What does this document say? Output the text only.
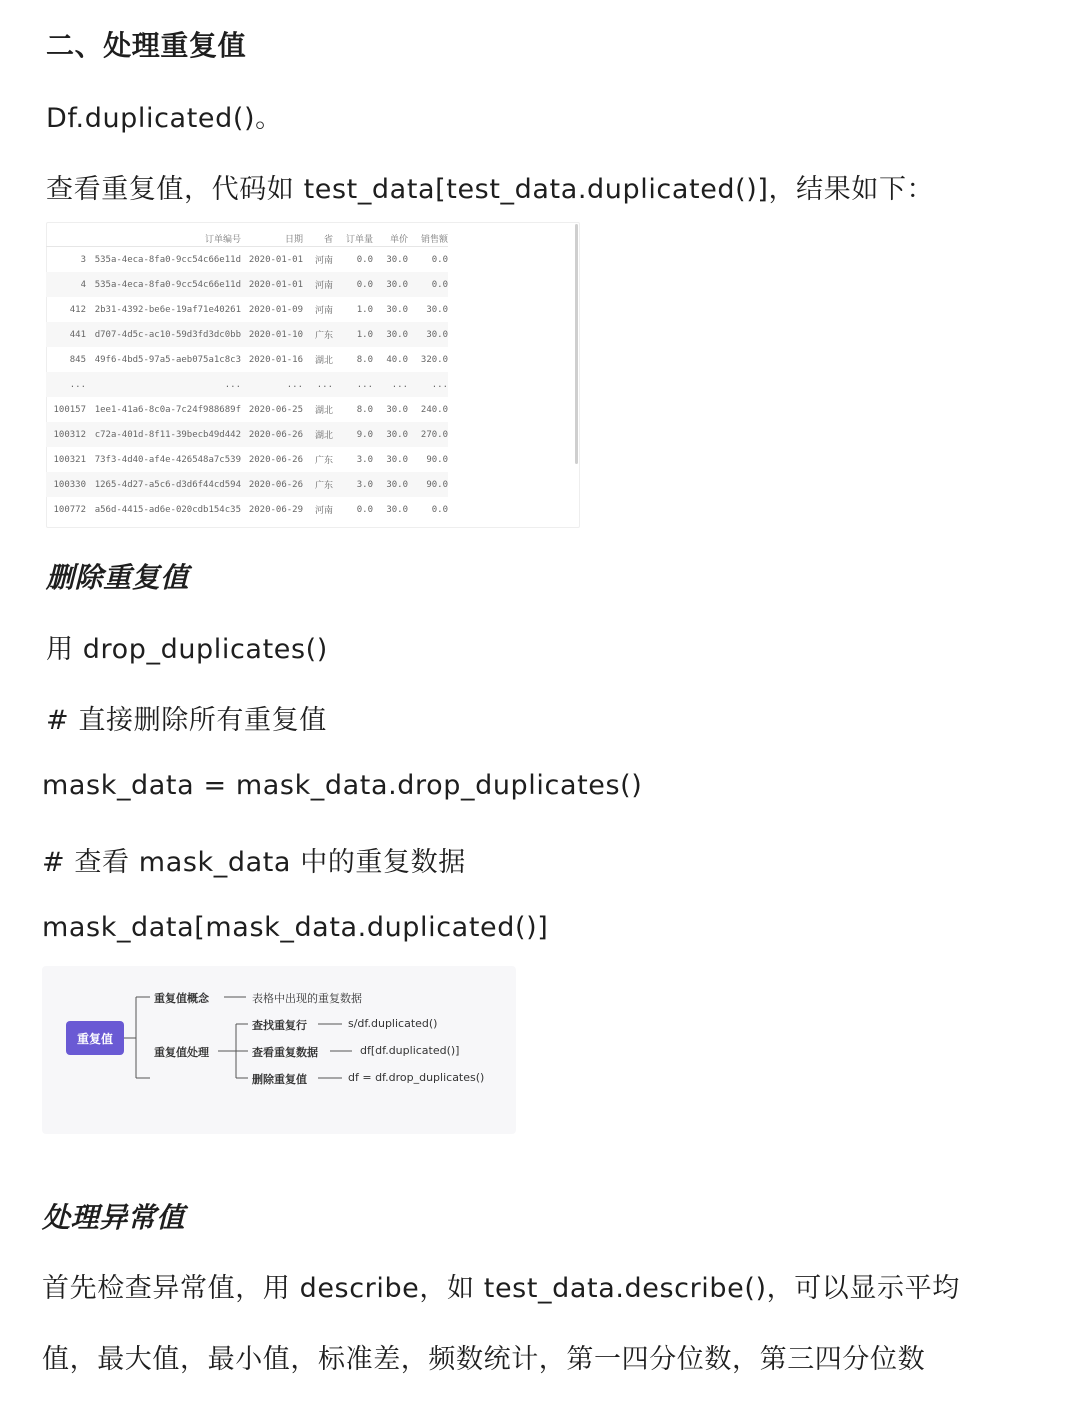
二、处理重复值
Df.duplicated()。
查看重复值，代码如 test_data[test_data.duplicated()]，结果如下：
	订单编号	日期	省	订单量	单价	销售额
3	535a-4eca-8fa0-9cc54c66e11d	2020-01-01	河南	0.0	30.0	0.0
4	535a-4eca-8fa0-9cc54c66e11d	2020-01-01	河南	0.0	30.0	0.0
412	2b31-4392-be6e-19af71e40261	2020-01-09	河南	1.0	30.0	30.0
441	d707-4d5c-ac10-59d3fd3dc0bb	2020-01-10	广东	1.0	30.0	30.0
845	49f6-4bd5-97a5-aeb075a1c8c3	2020-01-16	湖北	8.0	40.0	320.0
...	...	...	...	...	...	...
100157	1ee1-41a6-8c0a-7c24f988689f	2020-06-25	湖北	8.0	30.0	240.0
100312	c72a-401d-8f11-39becb49d442	2020-06-26	湖北	9.0	30.0	270.0
100321	73f3-4d40-af4e-426548a7c539	2020-06-26	广东	3.0	30.0	90.0
100330	1265-4d27-a5c6-d3d6f44cd594	2020-06-26	广东	3.0	30.0	90.0
100772	a56d-4415-ad6e-020cdb154c35	2020-06-29	河南	0.0	30.0	0.0
删除重复值
用 drop_duplicates()
# 直接删除所有重复值
mask_data = mask_data.drop_duplicates()
# 查看 mask_data 中的重复数据
mask_data[mask_data.duplicated()]
重复值
重复值概念	表格中出现的重复数据
重复值处理
查找重复行	s/df.duplicated()
查看重复数据	df[df.duplicated()]
删除重复值	df = df.drop_duplicates()
处理异常值
首先检查异常值，用 describe，如 test_data.describe()，可以显示平均
值，最大值，最小值，标准差，频数统计，第一四分位数，第三四分位数
